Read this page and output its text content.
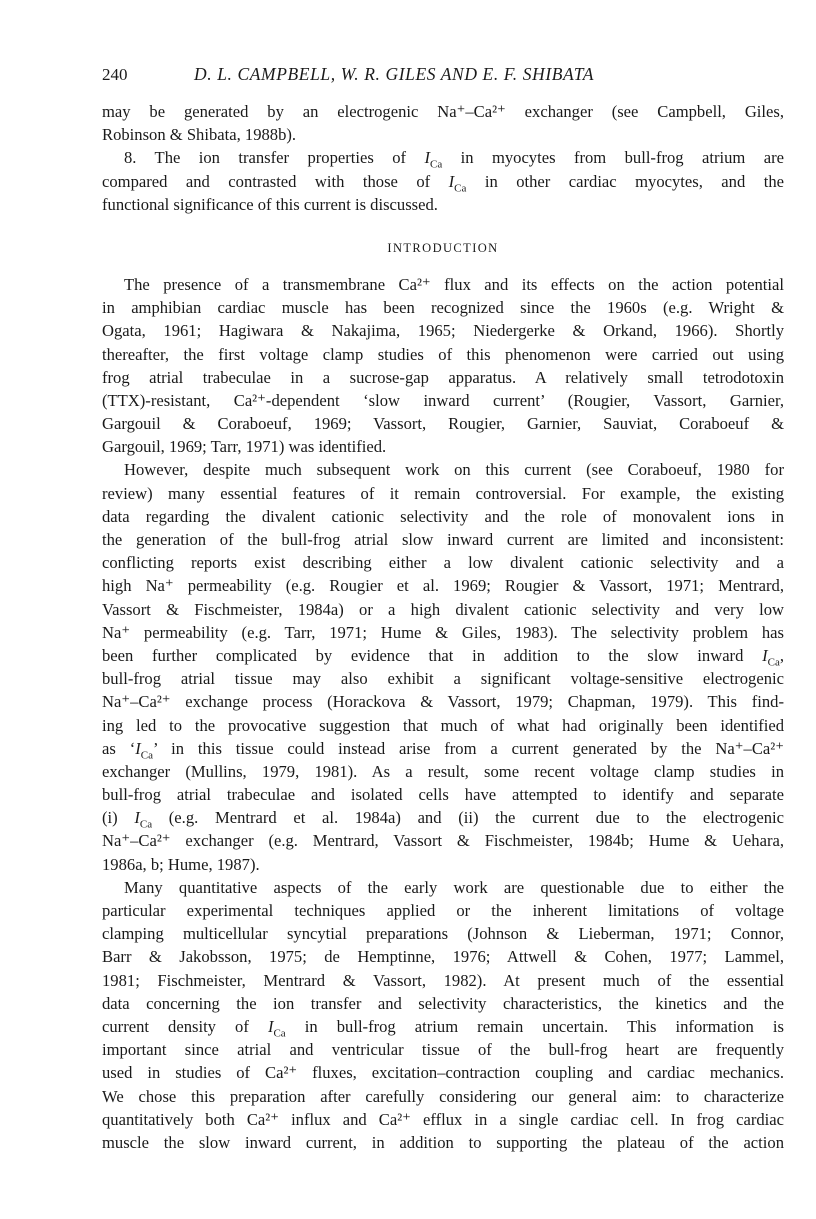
240	D. L. CAMPBELL, W. R. GILES AND E. F. SHIBATA
may be generated by an electrogenic Na⁺–Ca²⁺ exchanger (see Campbell, Giles,
Robinson & Shibata, 1988b).
8. The ion transfer properties of $I_{Ca}$ in myocytes from bull-frog atrium are
compared and contrasted with those of $I_{Ca}$ in other cardiac myocytes, and the
functional significance of this current is discussed.
INTRODUCTION
The presence of a transmembrane Ca²⁺ flux and its effects on the action potential
in amphibian cardiac muscle has been recognized since the 1960s (e.g. Wright &
Ogata, 1961; Hagiwara & Nakajima, 1965; Niedergerke & Orkand, 1966). Shortly
thereafter, the first voltage clamp studies of this phenomenon were carried out using
frog atrial trabeculae in a sucrose-gap apparatus. A relatively small tetrodotoxin
(TTX)-resistant, Ca²⁺-dependent ‘slow inward current’ (Rougier, Vassort, Garnier,
Gargouil & Coraboeuf, 1969; Vassort, Rougier, Garnier, Sauviat, Coraboeuf &
Gargouil, 1969; Tarr, 1971) was identified.
However, despite much subsequent work on this current (see Coraboeuf, 1980 for
review) many essential features of it remain controversial. For example, the existing
data regarding the divalent cationic selectivity and the role of monovalent ions in
the generation of the bull-frog atrial slow inward current are limited and inconsistent:
conflicting reports exist describing either a low divalent cationic selectivity and a
high Na⁺ permeability (e.g. Rougier et al. 1969; Rougier & Vassort, 1971; Mentrard,
Vassort & Fischmeister, 1984a) or a high divalent cationic selectivity and very low
Na⁺ permeability (e.g. Tarr, 1971; Hume & Giles, 1983). The selectivity problem has
been further complicated by evidence that in addition to the slow inward $I_{Ca}$,
bull-frog atrial tissue may also exhibit a significant voltage-sensitive electrogenic
Na⁺–Ca²⁺ exchange process (Horackova & Vassort, 1979; Chapman, 1979). This find-
ing led to the provocative suggestion that much of what had originally been identified
as ‘$I_{Ca}$’ in this tissue could instead arise from a current generated by the Na⁺–Ca²⁺
exchanger (Mullins, 1979, 1981). As a result, some recent voltage clamp studies in
bull-frog atrial trabeculae and isolated cells have attempted to identify and separate
(i) $I_{Ca}$ (e.g. Mentrard et al. 1984a) and (ii) the current due to the electrogenic
Na⁺–Ca²⁺ exchanger (e.g. Mentrard, Vassort & Fischmeister, 1984b; Hume & Uehara,
1986a, b; Hume, 1987).
Many quantitative aspects of the early work are questionable due to either the
particular experimental techniques applied or the inherent limitations of voltage
clamping multicellular syncytial preparations (Johnson & Lieberman, 1971; Connor,
Barr & Jakobsson, 1975; de Hemptinne, 1976; Attwell & Cohen, 1977; Lammel,
1981; Fischmeister, Mentrard & Vassort, 1982). At present much of the essential
data concerning the ion transfer and selectivity characteristics, the kinetics and the
current density of $I_{Ca}$ in bull-frog atrium remain uncertain. This information is
important since atrial and ventricular tissue of the bull-frog heart are frequently
used in studies of Ca²⁺ fluxes, excitation–contraction coupling and cardiac mechanics.
We chose this preparation after carefully considering our general aim: to characterize
quantitatively both Ca²⁺ influx and Ca²⁺ efflux in a single cardiac cell. In frog cardiac
muscle the slow inward current, in addition to supporting the plateau of the action
